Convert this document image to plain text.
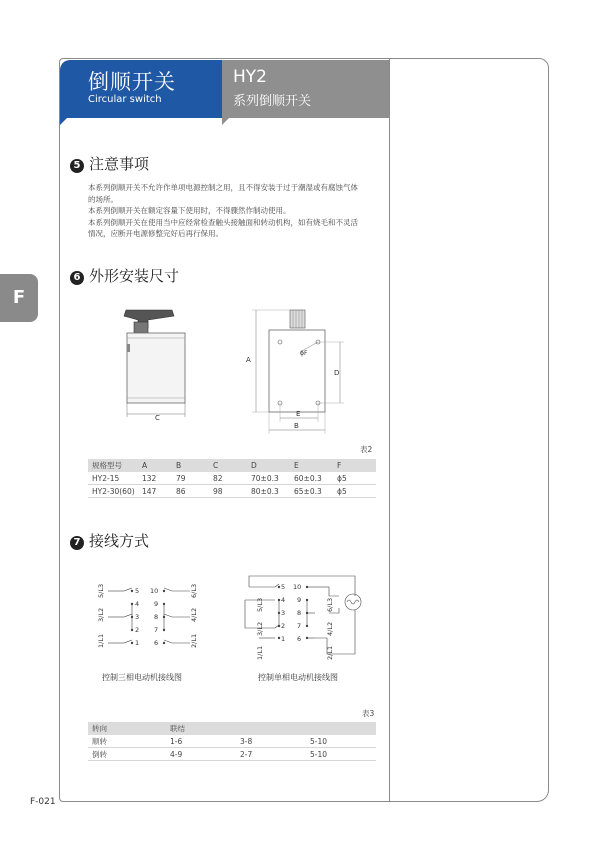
倒顺开关
Circular switch
HY2
系列倒顺开关
F
5 注意事项
本系列倒顺开关不允许作单项电源控制之用，且不得安装于过于潮湿或有腐蚀气体
的场所。
本系列倒顺开关在额定容量下使用时，不得骤然作制动使用。
本系列倒顺开关在使用当中应经常检查触头接触面和转动机构，如有烧毛和不灵活
情况，应断开电源修整完好后再行保用。
6 外形安装尺寸
C
ϕF
A
D
E
B
表2
规格型号	A	B	C	D	E	F
HY2-15	132	79	82	70±0.3	60±0.3	ϕ5
HY2-30(60)	147	86	98	80±0.3	65±0.3	ϕ5
7 接线方式
5/L3
3/L2
1/L1
6/L3
4/L2
2/L1
5
4
3
2
1
10
9
8
7
6
5/L3
3/L2
1/L1
6/L3
4/L2
2/L1
5
4
3
2
1
10
9
8
7
6
控制三相电动机接线图	控制单相电动机接线图
表3
转向	联结		
顺转	1-6	3-8	5-10
倒转	4-9	2-7	5-10
F-021
